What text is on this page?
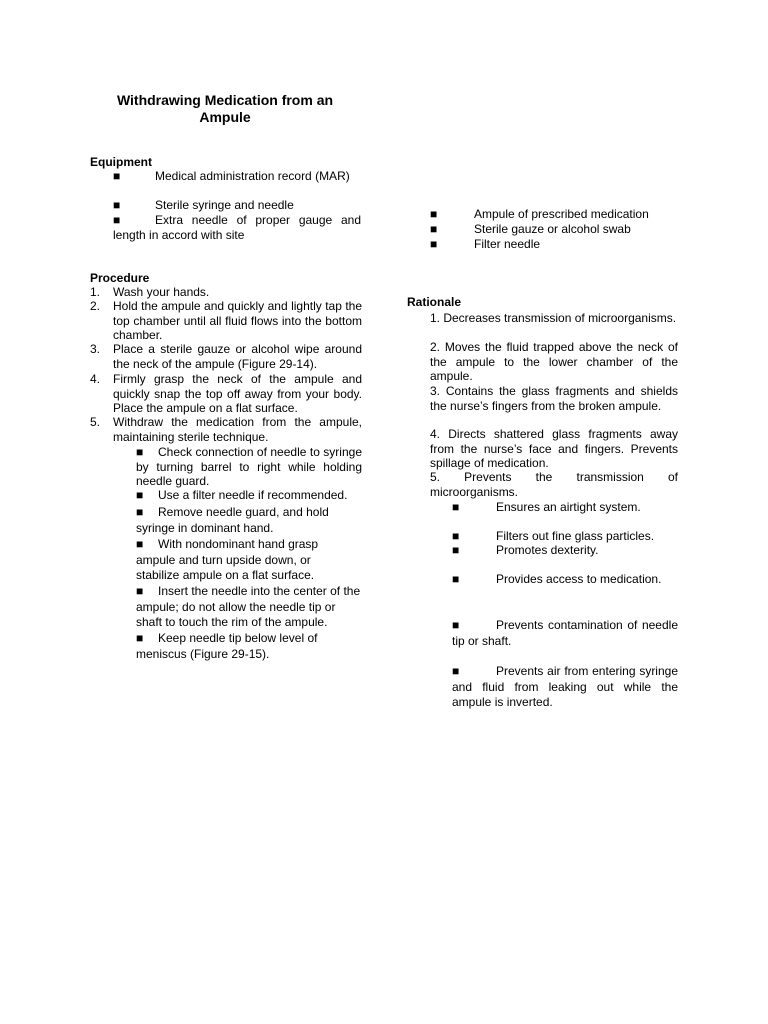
Withdrawing Medication from an
Ampule
Equipment
■	Medical administration record (MAR)
■	Sterile syringe and needle
■	Extra needle of proper gauge and length in accord with site
■	Ampule of prescribed medication
■	Sterile gauze or alcohol swab
■	Filter needle
Procedure
1. Wash your hands.
2. Hold the ampule and quickly and lightly tap the top chamber until all fluid flows into the bottom chamber.
3. Place a sterile gauze or alcohol wipe around the neck of the ampule (Figure 29-14).
4. Firmly grasp the neck of the ampule and quickly snap the top off away from your body. Place the ampule on a flat surface.
5. Withdraw the medication from the ampule, maintaining sterile technique.
■ Check connection of needle to syringe by turning barrel to right while holding needle guard.
■ Use a filter needle if recommended.
■ Remove needle guard, and hold syringe in dominant hand.
■ With nondominant hand grasp ampule and turn upside down, or stabilize ampule on a flat surface.
■ Insert the needle into the center of the ampule; do not allow the needle tip or shaft to touch the rim of the ampule.
■ Keep needle tip below level of meniscus (Figure 29-15).
Rationale
1. Decreases transmission of microorganisms.
2. Moves the fluid trapped above the neck of the ampule to the lower chamber of the ampule.
3. Contains the glass fragments and shields the nurse’s fingers from the broken ampule.
4. Directs shattered glass fragments away from the nurse’s face and fingers. Prevents spillage of medication.
5. Prevents the transmission of microorganisms.
■	Ensures an airtight system.
■	Filters out fine glass particles.
■	Promotes dexterity.
■	Provides access to medication.
■	Prevents contamination of needle tip or shaft.
■	Prevents air from entering syringe and fluid from leaking out while the ampule is inverted.
